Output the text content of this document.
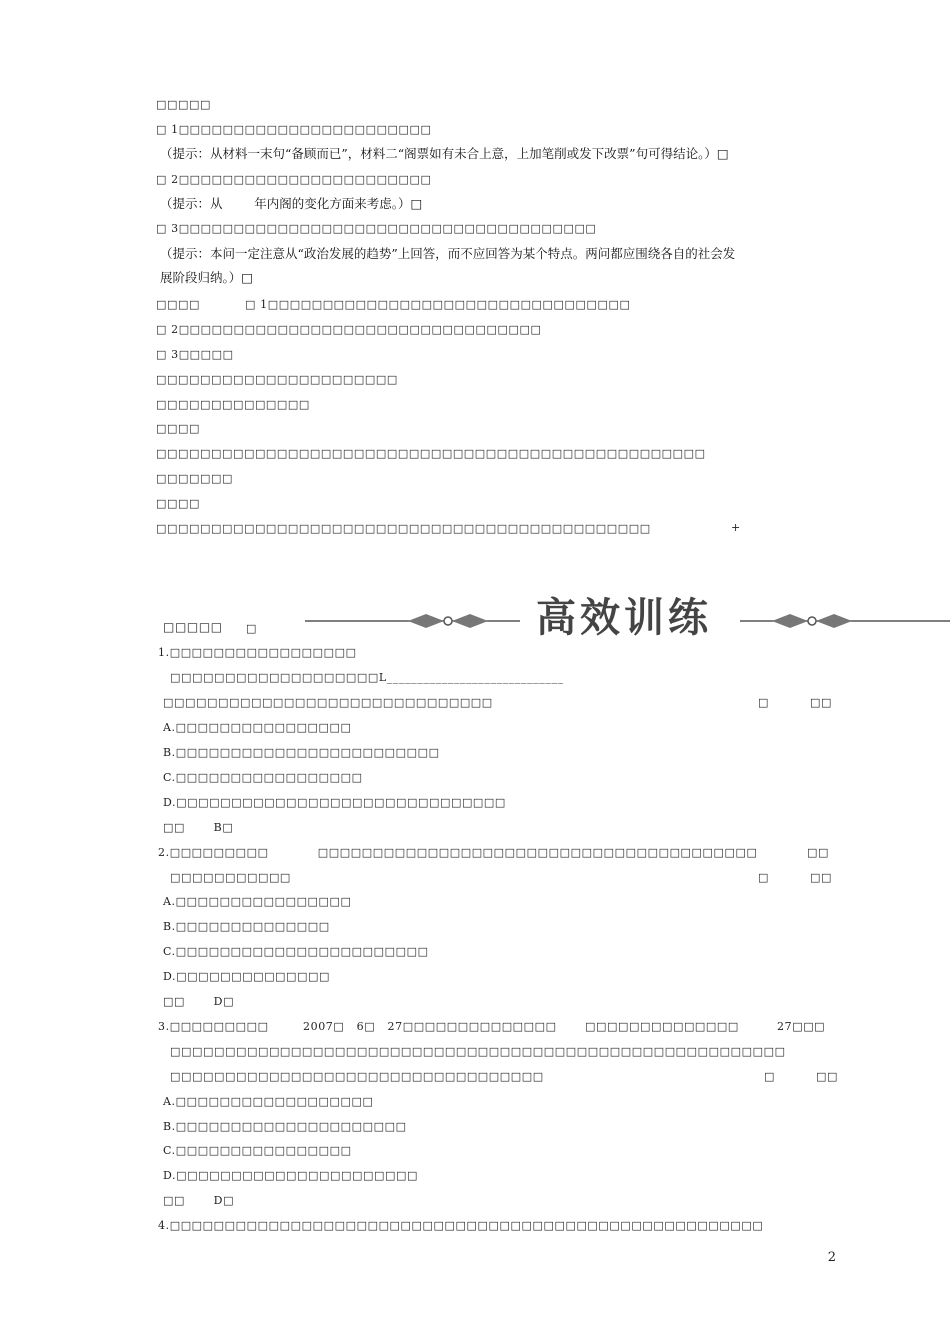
□□□□□
□ 1□□□□□□□□□□□□□□□□□□□□□□□
（提示：从材料一末句“备顾而已”，材料二“阁票如有未合上意，上加笔削或发下改票”句可得结论。）□
□ 2□□□□□□□□□□□□□□□□□□□□□□□
（提示：从        年内阁的变化方面来考虑。）□
□ 3□□□□□□□□□□□□□□□□□□□□□□□□□□□□□□□□□□□□□□
（提示：本问一定注意从“政治发展的趋势”上回答，而不应回答为某个特点。两问都应围绕各自的社会发
展阶段归纳。）□
□□□□           □ 1□□□□□□□□□□□□□□□□□□□□□□□□□□□□□□□□□
□ 2□□□□□□□□□□□□□□□□□□□□□□□□□□□□□□□□□
□ 3□□□□□
□□□□□□□□□□□□□□□□□□□□□□
□□□□□□□□□□□□□□
□□□□
□□□□□□□□□□□□□□□□□□□□□□□□□□□□□□□□□□□□□□□□□□□□□□□□□□
□□□□□□□
□□□□
□□□□□□□□□□□□□□□□□□□□□□□□□□□□□□□□□□□□□□□□□□□□□	+
高效训练
□□□□□ □
1.□□□□□□□□□□□□□□□□□
□□□□□□□□□□□□□□□□□□□L_____________________________
□□□□□□□□□□□□□□□□□□□□□□□□□□□□□□	□          □□
A.□□□□□□□□□□□□□□□□
B.□□□□□□□□□□□□□□□□□□□□□□□□
C.□□□□□□□□□□□□□□□□□
D.□□□□□□□□□□□□□□□□□□□□□□□□□□□□□□
□□       B□
2.□□□□□□□□□            □□□□□□□□□□□□□□□□□□□□□□□□□□□□□□□□□□□□□□□□	□□
□□□□□□□□□□□	□          □□
A.□□□□□□□□□□□□□□□□
B.□□□□□□□□□□□□□□
C.□□□□□□□□□□□□□□□□□□□□□□□
D.□□□□□□□□□□□□□□
□□       D□
3.□□□□□□□□□	2007□   6□   27□□□□□□□□□□□□□□	□□□□□□□□□□□□□□	27□□□
□□□□□□□□□□□□□□□□□□□□□□□□□□□□□□□□□□□□□□□□□□□□□□□□□□□□□□□□
□□□□□□□□□□□□□□□□□□□□□□□□□□□□□□□□□□	□          □□
A.□□□□□□□□□□□□□□□□□□
B.□□□□□□□□□□□□□□□□□□□□□
C.□□□□□□□□□□□□□□□□
D.□□□□□□□□□□□□□□□□□□□□□□
□□       D□
4.□□□□□□□□□□□□□□□□□□□□□□□□□□□□□□□□□□□□□□□□□□□□□□□□□□□□□□
2
